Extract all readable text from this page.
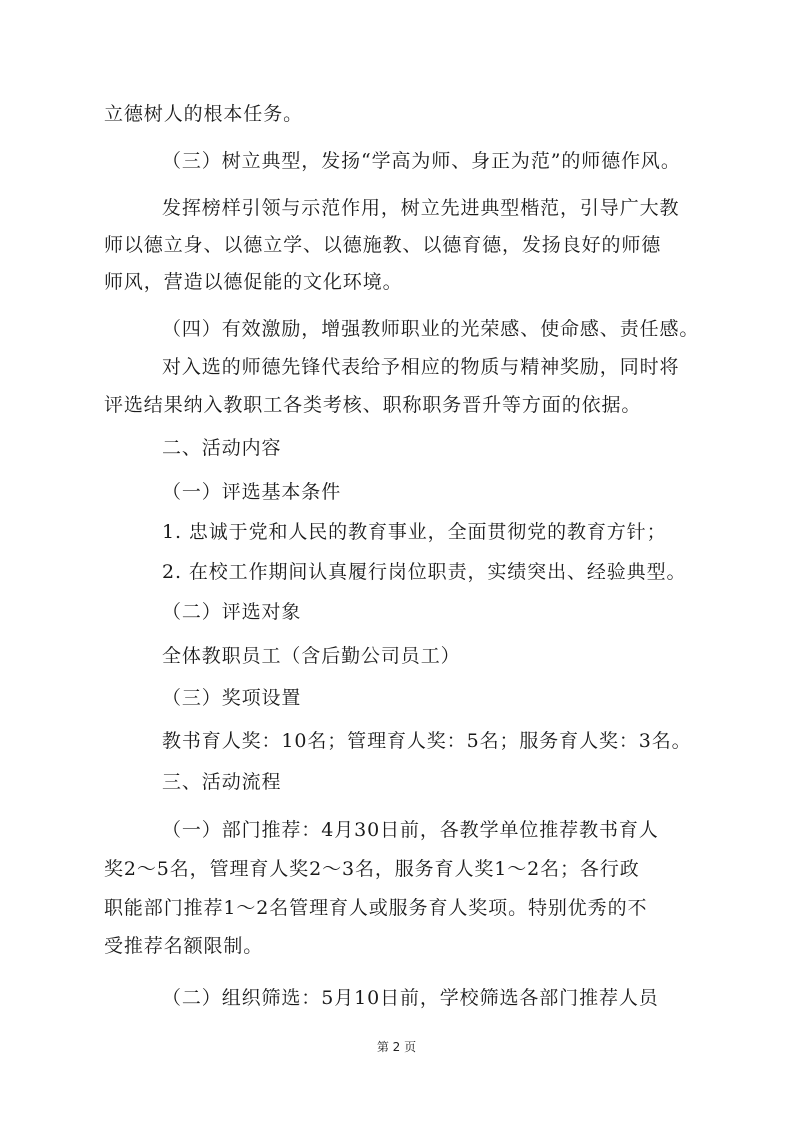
立德树人的根本任务。
（三）树立典型，发扬“学高为师、身正为范”的师德作风。
发挥榜样引领与示范作用，树立先进典型楷范，引导广大教
师以德立身、以德立学、以德施教、以德育德，发扬良好的师德
师风，营造以德促能的文化环境。
（四）有效激励，增强教师职业的光荣感、使命感、责任感。
对入选的师德先锋代表给予相应的物质与精神奖励，同时将
评选结果纳入教职工各类考核、职称职务晋升等方面的依据。
二、活动内容
（一）评选基本条件
1. 忠诚于党和人民的教育事业，全面贯彻党的教育方针；
2. 在校工作期间认真履行岗位职责，实绩突出、经验典型。
（二）评选对象
全体教职员工（含后勤公司员工）
（三）奖项设置
教书育人奖：10名；管理育人奖：5名；服务育人奖：3名。
三、活动流程
（一）部门推荐：4月30日前，各教学单位推荐教书育人
奖2～5名，管理育人奖2～3名，服务育人奖1～2名；各行政
职能部门推荐1～2名管理育人或服务育人奖项。特别优秀的不
受推荐名额限制。
（二）组织筛选：5月10日前，学校筛选各部门推荐人员
第 2 页
